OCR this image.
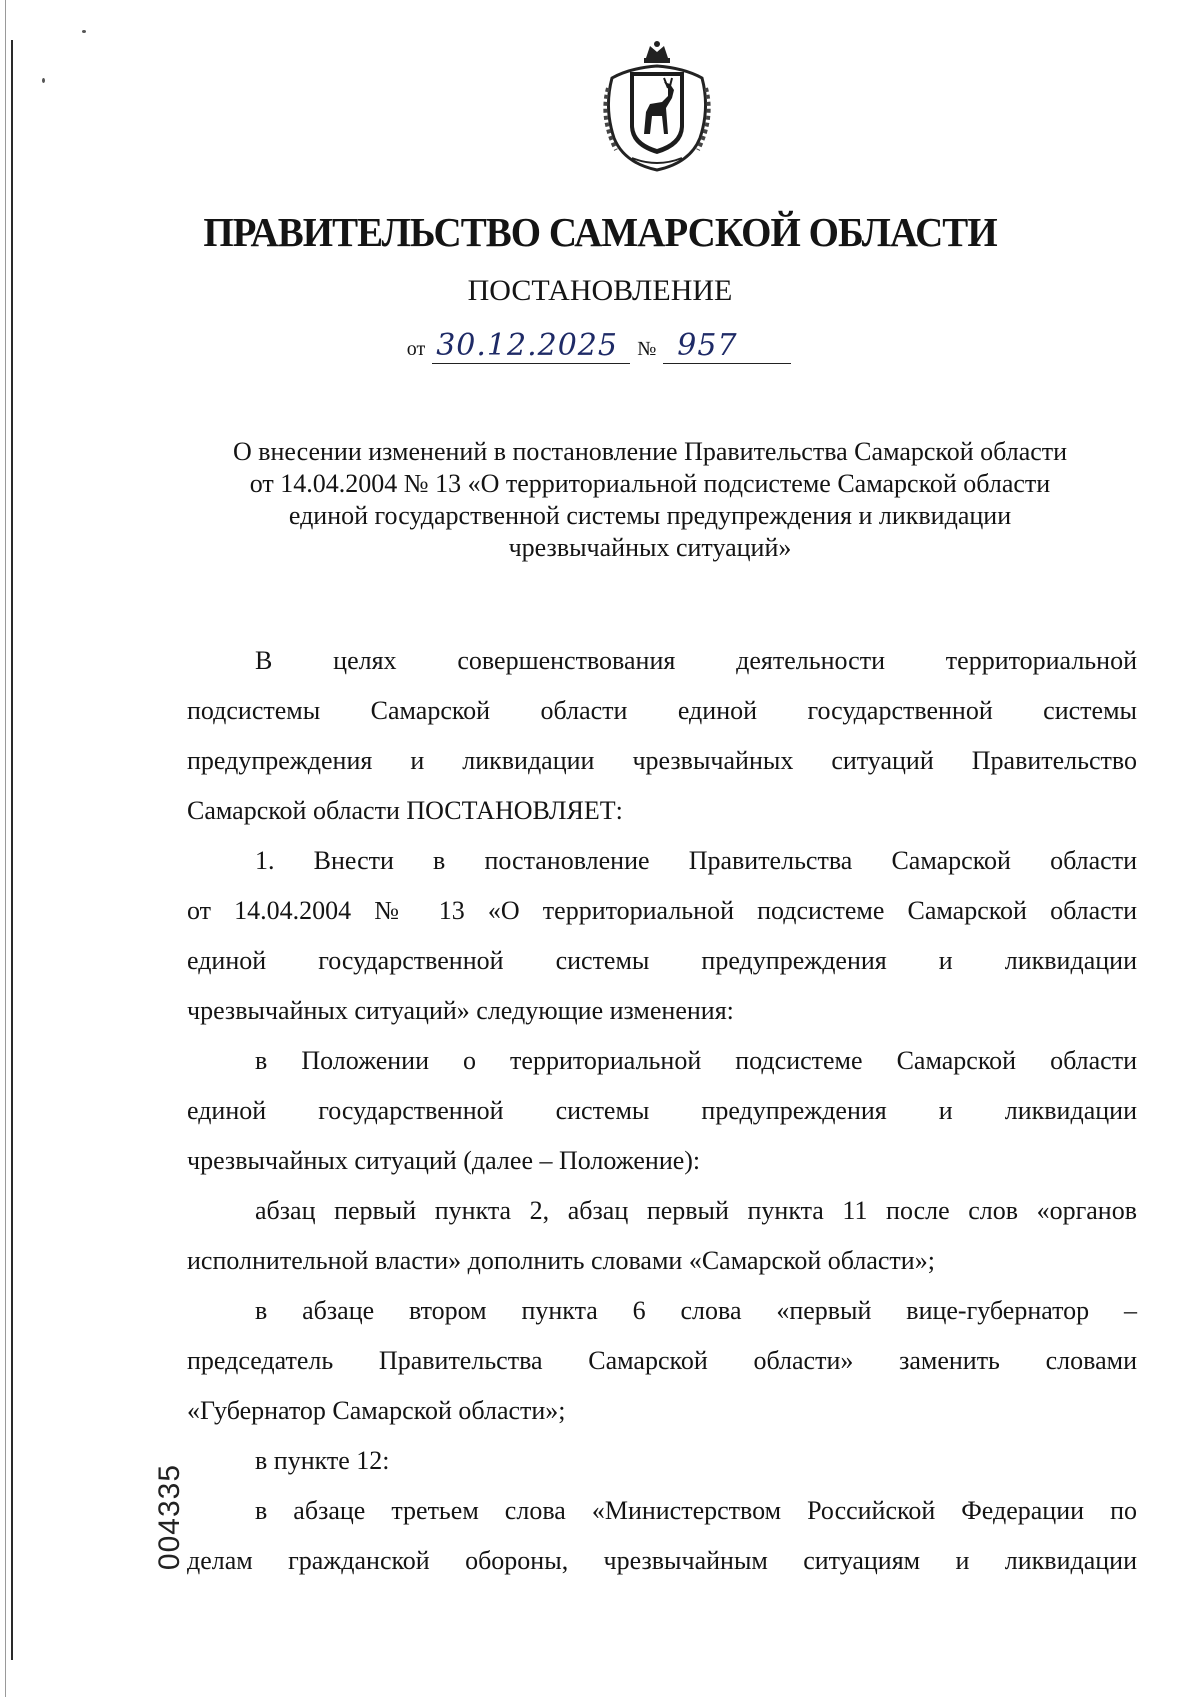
ПРАВИТЕЛЬСТВО САМАРСКОЙ ОБЛАСТИ
ПОСТАНОВЛЕНИЕ
от 30.12.2025 № 957
О внесении изменений в постановление Правительства Самарской области
от 14.04.2004 № 13 «О территориальной подсистеме Самарской области
единой государственной системы предупреждения и ликвидации
чрезвычайных ситуаций»
В целях совершенствования деятельности территориальной
подсистемы Самарской области единой государственной системы
предупреждения и ликвидации чрезвычайных ситуаций Правительство
Самарской области ПОСТАНОВЛЯЕТ:
1. Внести в постановление Правительства Самарской области
от 14.04.2004 № 13 «О территориальной подсистеме Самарской области
единой государственной системы предупреждения и ликвидации
чрезвычайных ситуаций» следующие изменения:
в Положении о территориальной подсистеме Самарской области
единой государственной системы предупреждения и ликвидации
чрезвычайных ситуаций (далее – Положение):
абзац первый пункта 2, абзац первый пункта 11 после слов «органов
исполнительной власти» дополнить словами «Самарской области»;
в абзаце втором пункта 6 слова «первый вице-губернатор –
председатель Правительства Самарской области» заменить словами
«Губернатор Самарской области»;
в пункте 12:
в абзаце третьем слова «Министерством Российской Федерации по
делам гражданской обороны, чрезвычайным ситуациям и ликвидации
004335
